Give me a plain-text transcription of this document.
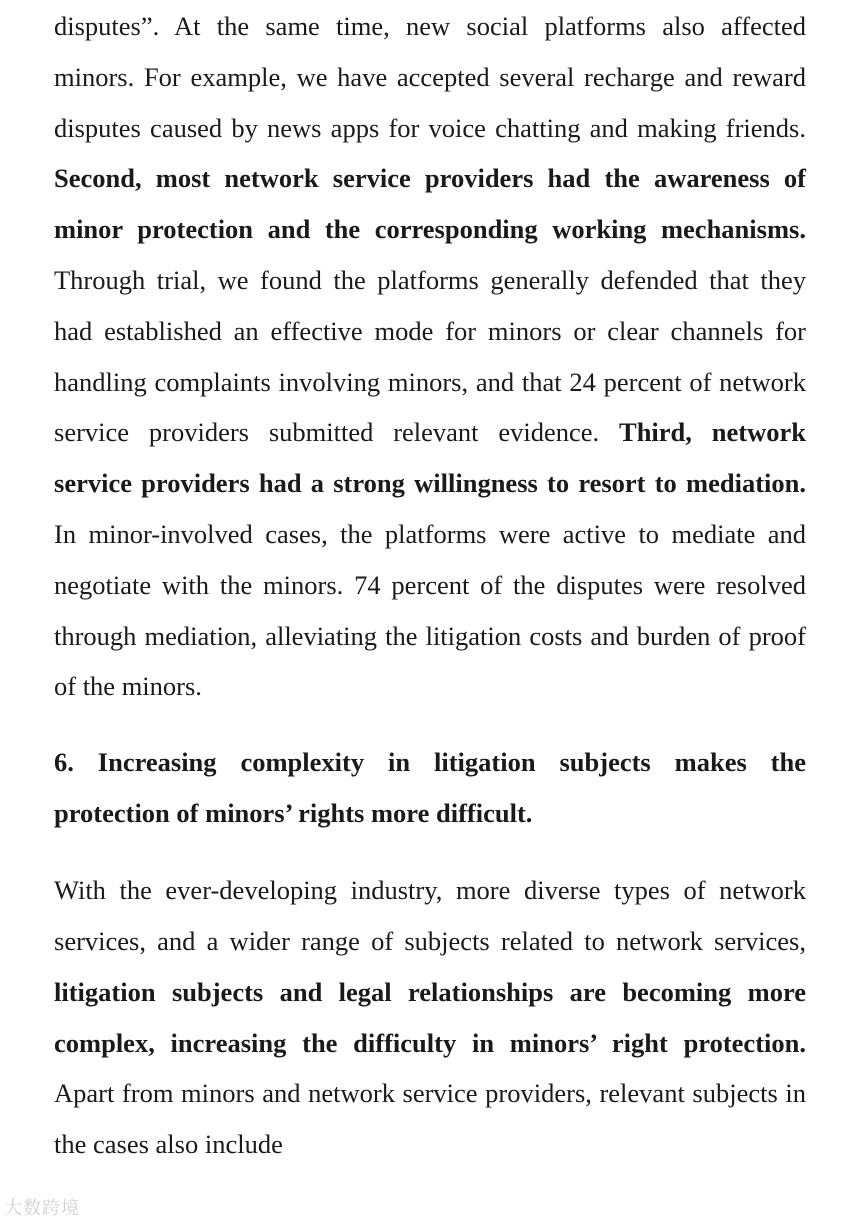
disputes”. At the same time, new social platforms also affected minors. For example, we have accepted several recharge and reward disputes caused by news apps for voice chatting and making friends. Second, most network service providers had the awareness of minor protection and the corresponding working mechanisms. Through trial, we found the platforms generally defended that they had established an effective mode for minors or clear channels for handling complaints involving minors, and that 24 percent of network service providers submitted relevant evidence. Third, network service providers had a strong willingness to resort to mediation. In minor-involved cases, the platforms were active to mediate and negotiate with the minors. 74 percent of the disputes were resolved through mediation, alleviating the litigation costs and burden of proof of the minors.

6. Increasing complexity in litigation subjects makes the protection of minors’ rights more difficult.

With the ever-developing industry, more diverse types of network services, and a wider range of subjects related to network services, litigation subjects and legal relationships are becoming more complex, increasing the difficulty in minors’ right protection. Apart from minors and network service providers, relevant subjects in the cases also include

大数跨境
